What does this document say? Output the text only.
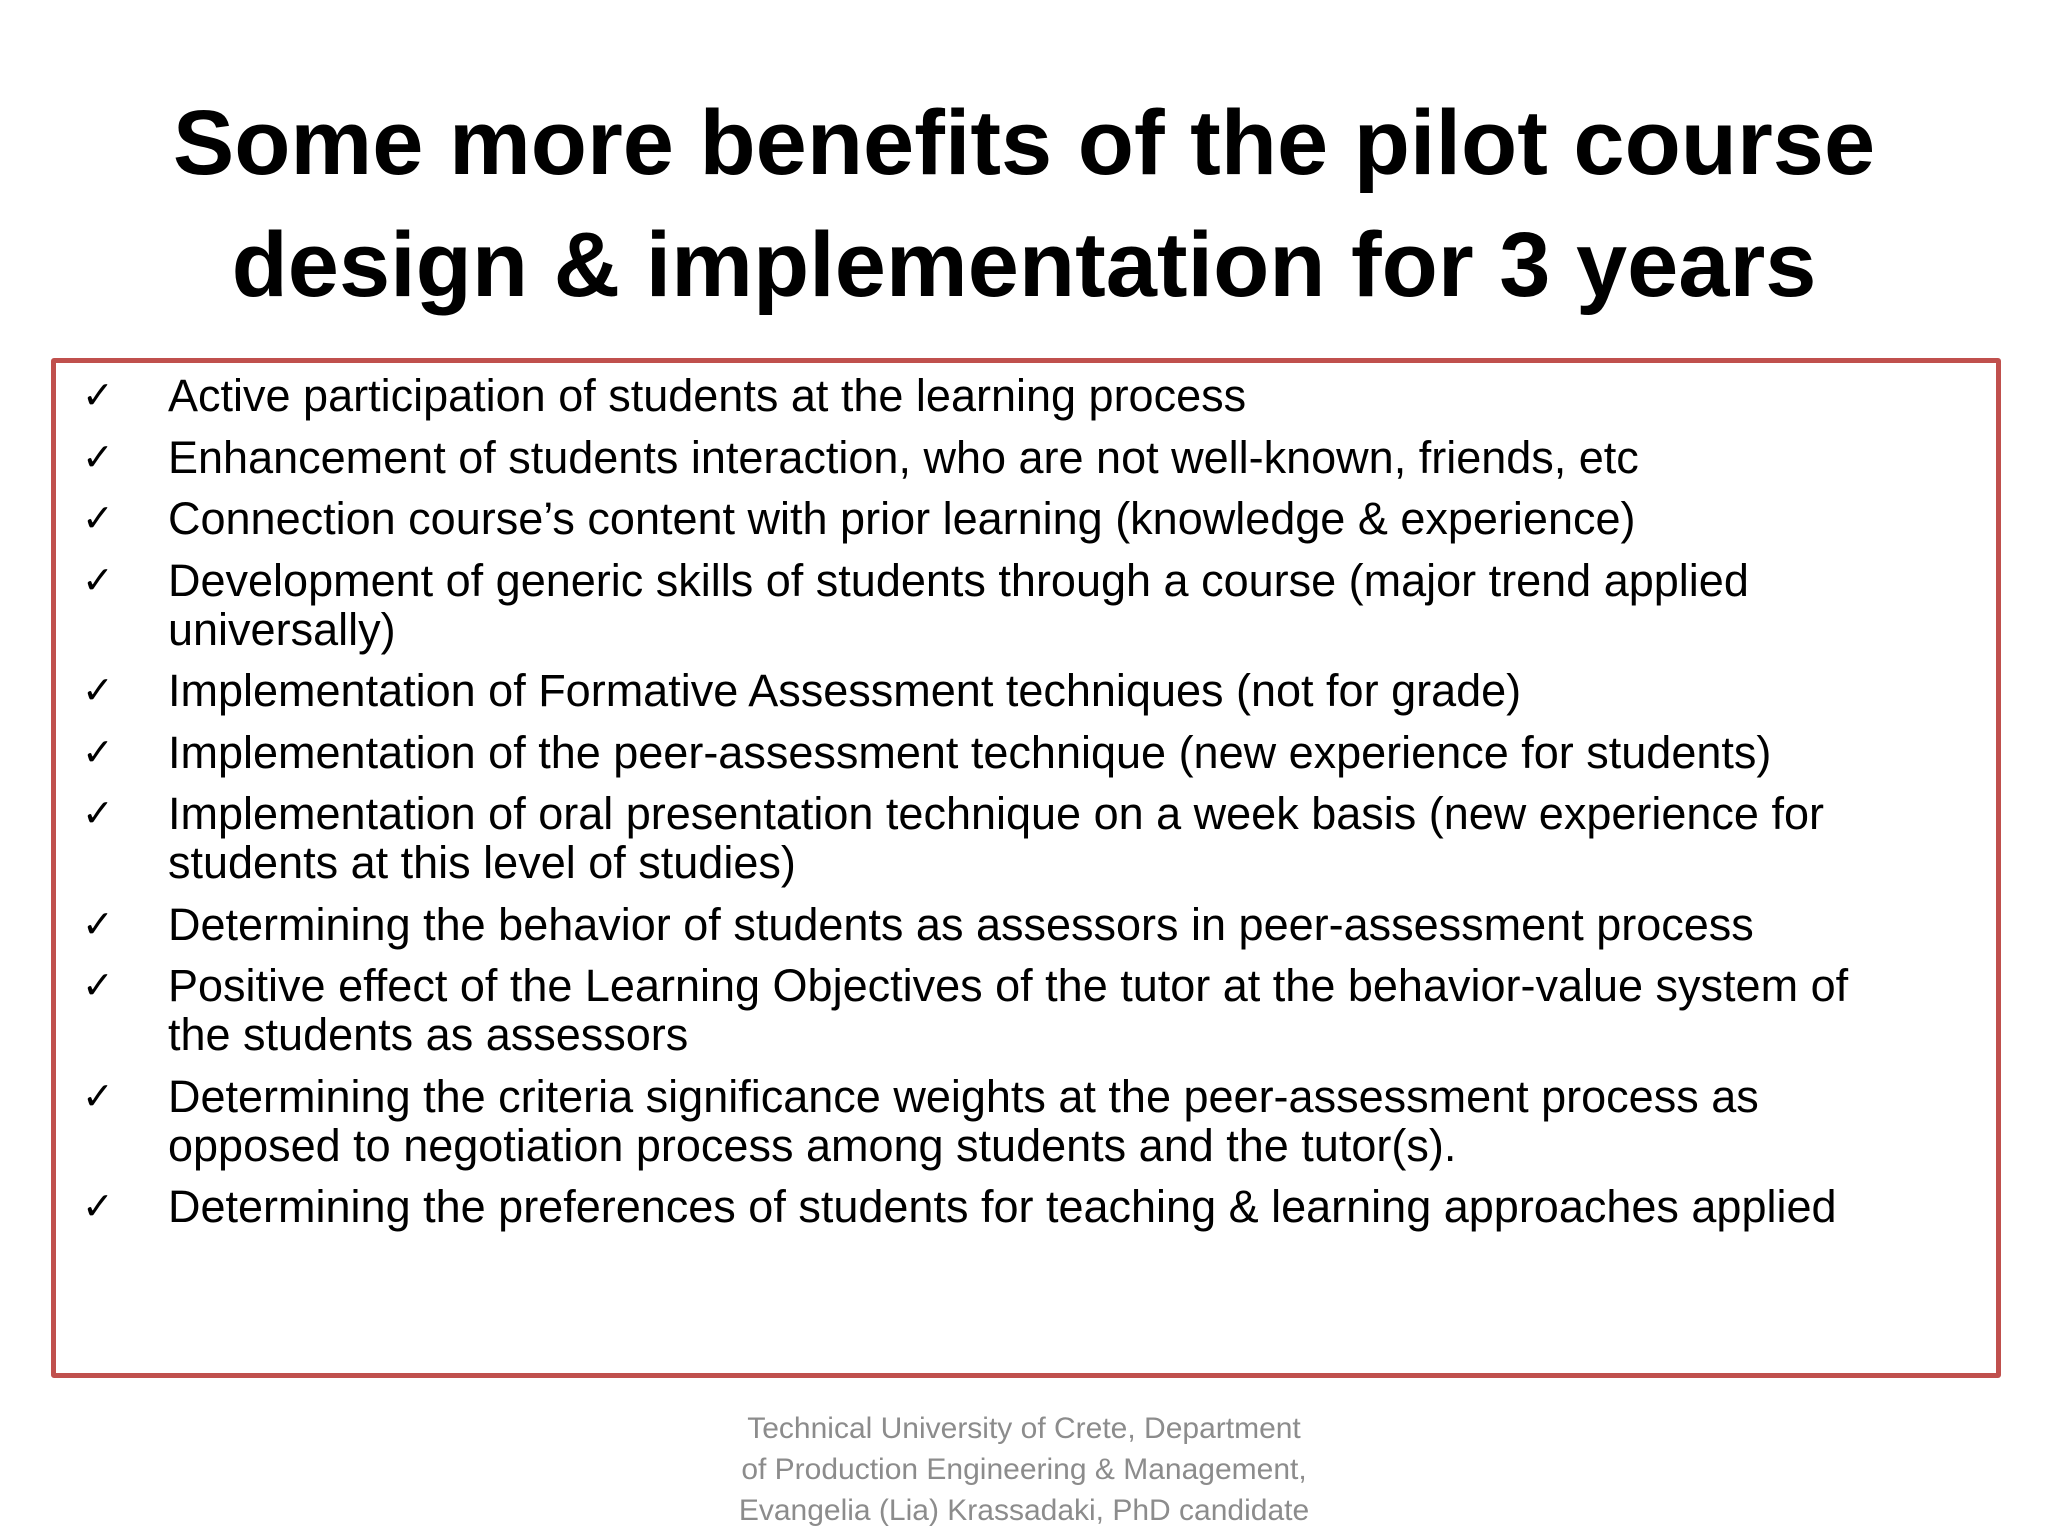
Some more benefits of the pilot course
design & implementation for 3 years
✓	Active participation of students at the learning process
✓	Enhancement of students interaction, who are not well-known, friends, etc
✓	Connection course’s content with prior learning (knowledge & experience)
✓	Development of generic skills of students through a course (major trend applied
universally)
✓	Implementation of Formative Assessment techniques (not for grade)
✓	Implementation of the peer-assessment technique (new experience for students)
✓	Implementation of oral presentation technique on a week basis (new experience for
students at this level of studies)
✓	Determining the behavior of students as assessors in peer-assessment process
✓	Positive effect of the Learning Objectives of the tutor at the behavior-value system of
the students as assessors
✓	Determining the criteria significance weights at the peer-assessment process as
opposed to negotiation process among students and the tutor(s).
✓	Determining the preferences of students for teaching & learning approaches applied
Technical University of Crete, Department
of Production Engineering & Management,
Evangelia (Lia) Krassadaki, PhD candidate
